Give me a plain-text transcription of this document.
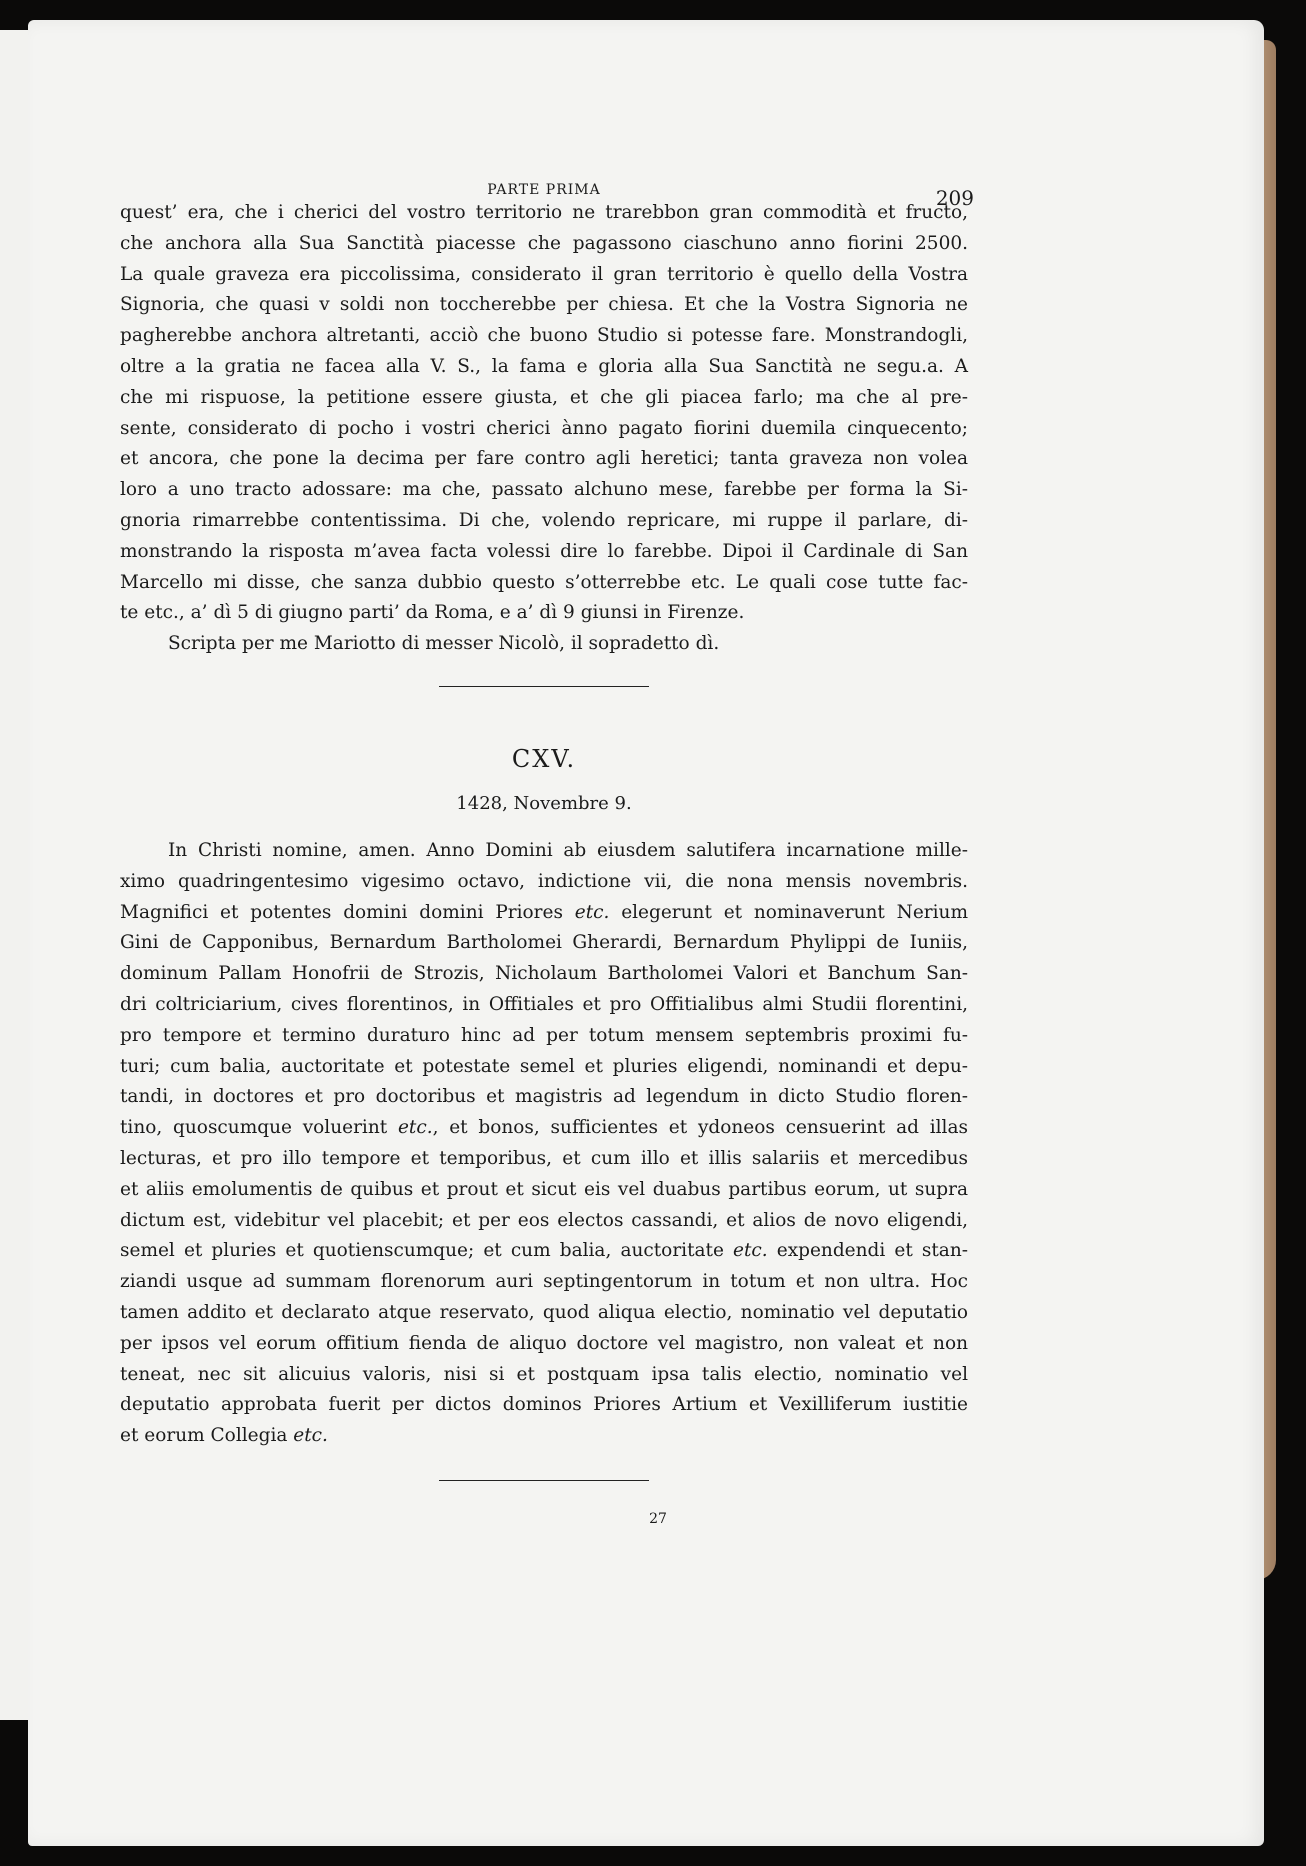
PARTE PRIMA	209
quest’ era, che i cherici del vostro territorio ne trarebbon gran commodità et fructo,
che anchora alla Sua Sanctità piacesse che pagassono ciaschuno anno fiorini 2500.
La quale graveza era piccolissima, considerato il gran territorio è quello della Vostra
Signoria, che quasi v soldi non toccherebbe per chiesa. Et che la Vostra Signoria ne
pagherebbe anchora altretanti, acciò che buono Studio si potesse fare. Monstrandogli,
oltre a la gratia ne facea alla V. S., la fama e gloria alla Sua Sanctità ne segu.a. A
che mi rispuose, la petitione essere giusta, et che gli piacea farlo; ma che al pre-
sente, considerato di pocho i vostri cherici ànno pagato fiorini duemila cinquecento;
et ancora, che pone la decima per fare contro agli heretici; tanta graveza non volea
loro a uno tracto adossare: ma che, passato alchuno mese, farebbe per forma la Si-
gnoria rimarrebbe contentissima. Di che, volendo repricare, mi ruppe il parlare, di-
monstrando la risposta m’avea facta volessi dire lo farebbe. Dipoi il Cardinale di San
Marcello mi disse, che sanza dubbio questo s’otterrebbe etc. Le quali cose tutte fac-
te etc., a’ dì 5 di giugno parti’ da Roma, e a’ dì 9 giunsi in Firenze.
Scripta per me Mariotto di messer Nicolò, il sopradetto dì.
CXV.
1428, Novembre 9.
In Christi nomine, amen. Anno Domini ab eiusdem salutifera incarnatione mille-
ximo quadringentesimo vigesimo octavo, indictione vii, die nona mensis novembris.
Magnifici et potentes domini domini Priores etc. elegerunt et nominaverunt Nerium
Gini de Capponibus, Bernardum Bartholomei Gherardi, Bernardum Phylippi de Iuniis,
dominum Pallam Honofrii de Strozis, Nicholaum Bartholomei Valori et Banchum San-
dri coltriciarium, cives florentinos, in Offitiales et pro Offitialibus almi Studii florentini,
pro tempore et termino duraturo hinc ad per totum mensem septembris proximi fu-
turi; cum balia, auctoritate et potestate semel et pluries eligendi, nominandi et depu-
tandi, in doctores et pro doctoribus et magistris ad legendum in dicto Studio floren-
tino, quoscumque voluerint etc., et bonos, sufficientes et ydoneos censuerint ad illas
lecturas, et pro illo tempore et temporibus, et cum illo et illis salariis et mercedibus
et aliis emolumentis de quibus et prout et sicut eis vel duabus partibus eorum, ut supra
dictum est, videbitur vel placebit; et per eos electos cassandi, et alios de novo eligendi,
semel et pluries et quotienscumque; et cum balia, auctoritate etc. expendendi et stan-
ziandi usque ad summam florenorum auri septingentorum in totum et non ultra. Hoc
tamen addito et declarato atque reservato, quod aliqua electio, nominatio vel deputatio
per ipsos vel eorum offitium fienda de aliquo doctore vel magistro, non valeat et non
teneat, nec sit alicuius valoris, nisi si et postquam ipsa talis electio, nominatio vel
deputatio approbata fuerit per dictos dominos Priores Artium et Vexilliferum iustitie
et eorum Collegia etc.
27
